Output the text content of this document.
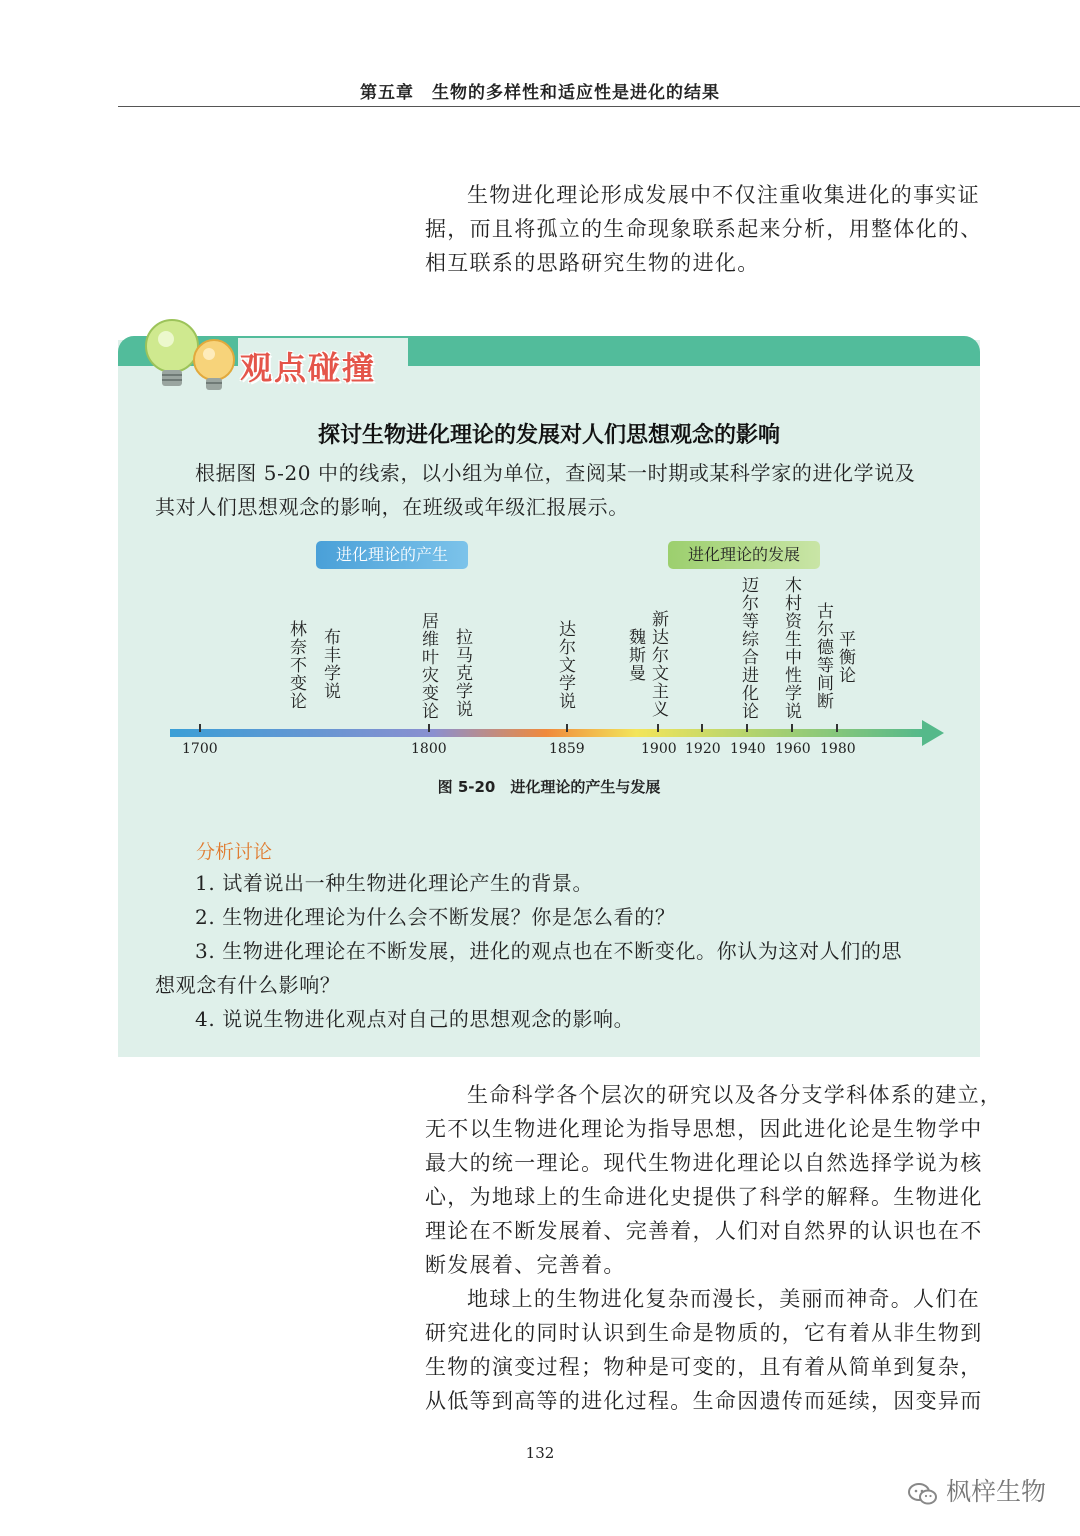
第五章　生物的多样性和适应性是进化的结果

生物进化理论形成发展中不仅注重收集进化的事实证

据，而且将孤立的生命现象联系起来分析，用整体化的、

相互联系的思路研究生物的进化。

观点碰撞
探讨生物进化理论的发展对人们思想观念的影响

根据图 5-20 中的线索，以小组为单位，查阅某一时期或某科学家的进化学说及

其对人们思想观念的影响，在班级或年级汇报展示。

进化理论的产生	进化理论的发展
林奈不变论 布丰学说	居维叶灾变论 拉马克学说	达尔文学说	魏斯曼 新达尔文主义	迈尔等综合进化论 木村资生中性学说 古尔德等间断 平衡论
1700	1800	1859	1900 1920 1940 1960 1980
图 5-20　进化理论的产生与发展
分析讨论

1. 试着说出一种生物进化理论产生的背景。

2. 生物进化理论为什么会不断发展？你是怎么看的？

3. 生物进化理论在不断发展，进化的观点也在不断变化。你认为这对人们的思

想观念有什么影响？

4. 说说生物进化观点对自己的思想观念的影响。

生命科学各个层次的研究以及各分支学科体系的建立，

无不以生物进化理论为指导思想，因此进化论是生物学中

最大的统一理论。现代生物进化理论以自然选择学说为核

心，为地球上的生命进化史提供了科学的解释。生物进化

理论在不断发展着、完善着，人们对自然界的认识也在不

断发展着、完善着。

地球上的生物进化复杂而漫长，美丽而神奇。人们在

研究进化的同时认识到生命是物质的，它有着从非生物到

生物的演变过程；物种是可变的，且有着从简单到复杂，

从低等到高等的进化过程。生命因遗传而延续，因变异而

132
枫梓生物
